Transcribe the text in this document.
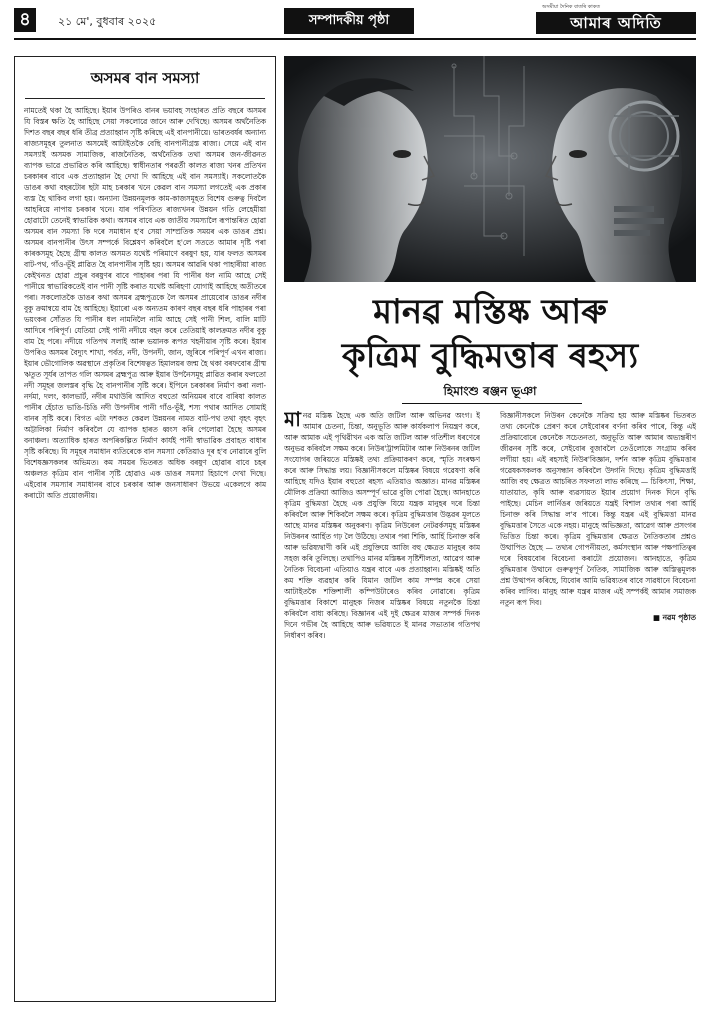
৪	২১ মে', বুধবাৰ ২০২৫	সম্পাদকীয় পৃষ্ঠা
অসমীয়া দৈনিক বাতৰি কাকত
আমাৰ অদিতি
অসমৰ বান সমস্যা
নামতেই থকা হৈ আহিছে। ইয়াৰ উপৰিও বানৰ ভয়াবহ সংহাৰত প্ৰতি বছৰে অসমৰ যি বিস্তৰ ক্ষতি হৈ আহিছে সেয়া সকলোৱে জানে আৰু দেখিছে। অসমৰ অৰ্থনৈতিক দিশত বছৰ বছৰ ধৰি তীব্ৰ প্ৰত্যাহ্বান সৃষ্টি কৰিছে এই বানপানীয়ে। ভাৰতবৰ্ষৰ অন্যান্য ৰাজ্যসমূহৰ তুলনাত অসমেই আটাইতকৈ বেছি বানপানীগ্ৰস্ত ৰাজ্য। সেয়ে এই বান সমস্যাই অসমক সামাজিক, ৰাজনৈতিক, অৰ্থনৈতিক তথা অসমৰ জন-জীৱনত ব্যাপক ভাৱে প্ৰভাৱিত কৰি আহিছে। স্বাধীনতাৰ পৰৱৰ্তী কালত ৰাজ্য খনৰ প্ৰতিখন চৰকাৰৰ বাবে এক প্ৰত্যাহ্বান হৈ দেখা দি আহিছে এই বান সমস্যাই। সকলোতকৈ ডাঙৰ কথা বছৰটোৰ ছটা মাহ চৰকাৰ খনে কেৱল বান সমস্যা লগতেই এক প্ৰকাৰ ব্যস্ত হৈ থাকিব লগা হয়। অন্যান্য উন্নয়নমূলক কাম-কাজসমূহত বিশেষ গুৰুত্ব দিবলৈ আহৰিয়ে নাপায় চৰকাৰ খনে। যাৰ পৰিণতিত ৰাজ্যখনৰ উন্নয়ন গতি লেহেমীয়া হোৱাটো তেনেই স্বাভাৱিক কথা। অসমৰ বাবে এক জাতীয় সমস্যালৈ ৰূপান্তৰিত হোৱা অসমৰ বান সমস্যা কি দৰে সমাধান হ'ব সেয়া সাম্প্ৰতিক সময়ৰ এক ডাঙৰ প্ৰশ্ন। অসমৰ বানপানীৰ উৎস সম্পৰ্কে বিশ্লেষণ কৰিবলৈ হ'লে সততে আমাৰ দৃষ্টি পৰা কাৰকসমূহ হৈছে গ্ৰীষ্ম কালত অসমত যথেষ্ট পৰিমাণে বৰষুণ হয়, যাৰ ফলত অসমৰ বাট-পথ, গাঁও-ভূঁই প্লাৱিত হৈ বানপানীৰ সৃষ্টি হয়। অসমৰ আৱৰি থকা পাহাৰীয়া ৰাজ্য কেইখনত হোৱা প্ৰচুৰ বৰষুণৰ বাবে পাহাৰৰ পৰা যি পানীৰ ধল নামি আহে সেই পানীয়ে স্বাভাৱিকতেই বান পানী সৃষ্টি কৰাত যথেষ্ট অৰিহণা যোগাই আহিছে অতীতৰে পৰা। সকলোতকৈ ডাঙৰ কথা অসমৰ ব্ৰহ্মপুত্ৰকে লৈ অসমৰ প্ৰায়েবোৰ ডাঙৰ নদীৰ বুকু ক্ৰমান্বয়ে বাম হৈ আহিছে। ইয়াৰো এক অন্যতম কাৰণ বছৰ বছৰ ধৰি পাহাৰৰ পৰা ভয়ংকৰ সোঁতত যি পানীৰ ধল নামনিলৈ নামি আহে সেই পানী শিল, বালি মাটি আদিৰে পৰিপূৰ্ণ। যেতিয়া সেই পানী নদীয়ে বহন কৰে তেতিয়াই কালক্ৰমত নদীৰ বুকু বাম হৈ পৰে। নদীয়ে গতিপথ সলাই আৰু ভয়ানক ৰূপত খহনীয়াৰ সৃষ্টি কৰে। ইয়াৰ উপৰিও অসমৰ বৈদ্যুৎ শাখা, পৰ্বত, নদী, উপনদী, জান, জুৰিৰে পৰিপূৰ্ণ এখন ৰাজ্য। ইয়াৰ ভৌগোলিক অৱস্থানে প্ৰকৃতিৰ বিশেষত্বত হিমালয়ৰ জন্ম হৈ থকা বৰফবোৰ গ্ৰীষ্ম ঋতুত সূৰ্যৰ তাপত গলি অসমৰ ব্ৰহ্মপুত্ৰ আৰু ইয়াৰ উপনৈসমূহ প্লাৱিত কৰাৰ ফলতো নদী সমূহৰ জলস্তৰ বৃদ্ধি হৈ বানপানীৰ সৃষ্টি কৰে। ইপিনে চৰকাৰৰ নিৰ্মাণ কৰা নলা-নৰ্দমা, দলং, কালভাৰ্ট, নদীৰ মথাউৰি আদিত বহুতো অনিয়মৰ বাবে বাৰিষা কালত পানীৰ হেঁচাত ভাঙি-চিঙি নদী উপনদীৰ পানী গাঁও-ভূঁই, শস্য পথাৰ আদিত সোমাই বানৰ সৃষ্টি কৰে। বিগত এটা দশকত কেৱল উন্নয়নৰ নামত বাট-পথ তথা বৃহৎ বৃহৎ অট্টালিকা নিৰ্মাণ কৰিবলৈ যে ব্যাপক হাৰত ধ্বংস কৰি পেলোৱা হৈছে অসমৰ বনাঞ্চল। অত্যাধিক হাৰত অপৰিকল্পিত নিৰ্মাণ কাৰ্যই পানী স্বাভাৱিক প্ৰবাহত বাধাৰ সৃষ্টি কৰিছে। যি সমূহৰ সমাধান ব্যতিৰেকে বান সমস্যা কেতিয়াও দূৰ হ'ব নোৱাৰে বুলি বিশেষজ্ঞসকলৰ অভিমত। কম সময়ৰ ভিতৰত অধিক বৰষুণ হোৱাৰ বাবে চহৰ অঞ্চলত কৃত্ৰিম বান পানীৰ সৃষ্টি হোৱাও এক ডাঙৰ সমস্যা হিচাপে দেখা দিছে। এইবোৰ সমস্যাৰ সমাধানৰ বাবে চৰকাৰ আৰু জনসাধাৰণ উভয়ে একেলগে কাম কৰাটো অতি প্ৰয়োজনীয়।
মানৱ মস্তিষ্ক আৰু
কৃত্ৰিম বুদ্ধিমত্তাৰ ৰহস্য
হিমাংশু ৰঞ্জন ভূঞা
মানৱ মস্তিষ্ক হৈছে এক অতি জটিল আৰু অভিনৱ অংগ। ই আমাৰ চেতনা, চিন্তা, অনুভূতি আৰু কাৰ্যকলাপ নিয়ন্ত্ৰণ কৰে, আৰু আমাক এই পৃথিৱীখন এক অতি জটিল আৰু গতিশীল ধৰণেৰে অনুভৱ কৰিবলৈ সক্ষম কৰে। নিউৰ'ট্ৰান্সমিটাৰ আৰু নিউৰনৰ জটিল সংযোগৰ জৰিয়তে মস্তিষ্কই তথ্য প্ৰক্ৰিয়াকৰণ কৰে, স্মৃতি সংৰক্ষণ কৰে আৰু সিদ্ধান্ত লয়। বিজ্ঞানীসকলে মস্তিষ্কৰ বিষয়ে গৱেষণা কৰি আহিছে যদিও ইয়াৰ বহুতো ৰহস্য এতিয়াও অজ্ঞাত। মানৱ মস্তিষ্কৰ মৌলিক প্ৰক্ৰিয়া আজিও অসম্পূৰ্ণ ভাৱে বুজি পোৱা হৈছে। আনহাতে কৃত্ৰিম বুদ্ধিমত্তা হৈছে এক প্ৰযুক্তি যিয়ে যন্ত্ৰক মানুহৰ দৰে চিন্তা কৰিবলৈ আৰু শিকিবলৈ সক্ষম কৰে। কৃত্ৰিম বুদ্ধিমত্তাৰ উদ্ভৱৰ মূলতে আছে মানৱ মস্তিষ্কৰ অনুকৰণ। কৃত্ৰিম নিউৰেল নেটৱৰ্কসমূহ মস্তিষ্কৰ নিউৰনৰ আৰ্হিত গঢ় লৈ উঠিছে। তথ্যৰ পৰা শিকি, আৰ্হি চিনাক্ত কৰি আৰু ভৱিষ্যদ্বাণী কৰি এই প্ৰযুক্তিয়ে আজি বহু ক্ষেত্ৰত মানুহৰ কাম সহজ কৰি তুলিছে। তথাপিও মানৱ মস্তিষ্কৰ সৃষ্টিশীলতা, আৱেগ আৰু নৈতিক বিবেচনা এতিয়াও যন্ত্ৰৰ বাবে এক প্ৰত্যাহ্বান। মস্তিষ্কই অতি কম শক্তি ব্যৱহাৰ কৰি যিমান জটিল কাম সম্পন্ন কৰে সেয়া আটাইতকৈ শক্তিশালী কম্পিউটাৰেও কৰিব নোৱাৰে। কৃত্ৰিম বুদ্ধিমত্তাৰ বিকাশে মানুহক নিজৰ মস্তিষ্কৰ বিষয়ে নতুনকৈ চিন্তা কৰিবলৈ বাধ্য কৰিছে। বিজ্ঞানৰ এই দুই ক্ষেত্ৰৰ মাজৰ সম্পৰ্ক দিনক দিনে গভীৰ হৈ আহিছে আৰু ভৱিষ্যতে ই মানৱ সভ্যতাৰ গতিপথ নিৰ্ধাৰণ কৰিব।
বিজ্ঞানীসকলে নিউৰন কেনেকৈ সক্ৰিয় হয় আৰু মস্তিষ্কৰ ভিতৰত তথ্য কেনেকৈ প্ৰেৰণ কৰে সেইবোৰৰ বৰ্ণনা কৰিব পাৰে, কিন্তু এই প্ৰক্ৰিয়াবোৰে কেনেকৈ সচেতনতা, অনুভূতি আৰু আমাৰ অভ্যন্তৰীণ জীৱনৰ সৃষ্টি কৰে, সেইবোৰ বুজাবলৈ তেওঁলোকে সংগ্ৰাম কৰিব লগীয়া হয়। এই ৰহস্যই নিউৰ'বিজ্ঞান, দৰ্শন আৰু কৃত্ৰিম বুদ্ধিমত্তাৰ গৱেষকসকলক অনুসন্ধান কৰিবলৈ উদ্গনি দিছে। কৃত্ৰিম বুদ্ধিমত্তাই আজি বহু ক্ষেত্ৰত আচৰিত সফলতা লাভ কৰিছে — চিকিৎসা, শিক্ষা, যাতায়াত, কৃষি আৰু ব্যৱসায়ত ইয়াৰ প্ৰয়োগ দিনক দিনে বৃদ্ধি পাইছে। মেচিন লাৰ্নিঙৰ জৰিয়তে যন্ত্ৰই বিশাল তথ্যৰ পৰা আৰ্হি চিনাক্ত কৰি সিদ্ধান্ত ল'ব পাৰে। কিন্তু যন্ত্ৰৰ এই বুদ্ধিমত্তা মানৱ বুদ্ধিমত্তাৰ সৈতে একে নহয়। মানুহে অভিজ্ঞতা, আৱেগ আৰু প্ৰসংগৰ ভিত্তিত চিন্তা কৰে। কৃত্ৰিম বুদ্ধিমত্তাৰ ক্ষেত্ৰত নৈতিকতাৰ প্ৰশ্নও উত্থাপিত হৈছে — তথ্যৰ গোপনীয়তা, কৰ্মসংস্থান আৰু পক্ষপাতিত্বৰ দৰে বিষয়বোৰ বিবেচনা কৰাটো প্ৰয়োজন। আনহাতে, কৃত্ৰিম বুদ্ধিমত্তাৰ উত্থানে গুৰুত্বপূৰ্ণ নৈতিক, সামাজিক আৰু অস্তিত্বমূলক প্ৰশ্ন উত্থাপন কৰিছে, যিবোৰ আমি ভৱিষ্যতৰ বাবে সাৱধানে বিবেচনা কৰিব লাগিব। মানুহ আৰু যন্ত্ৰৰ মাজৰ এই সম্পৰ্কই আমাৰ সমাজক নতুন ৰূপ দিব।
■ নৱম পৃষ্ঠাত
